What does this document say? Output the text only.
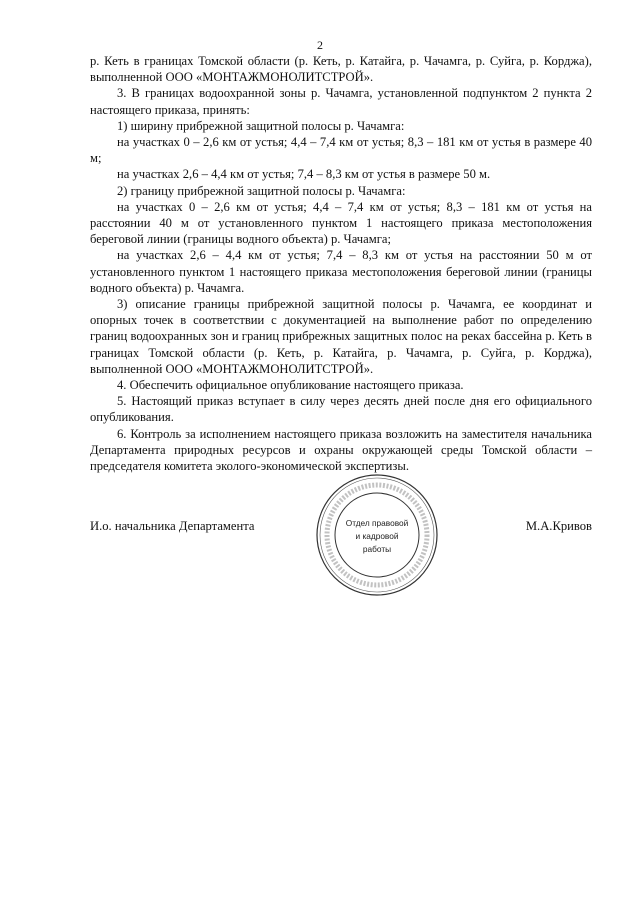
2

р. Кеть в границах Томской области (р. Кеть, р. Катайга, р. Чачамга, р. Суйга, р. Корджа), выполненной ООО «МОНТАЖМОНОЛИТСТРОЙ».

3. В границах водоохранной зоны р. Чачамга, установленной подпунктом 2 пункта 2 настоящего приказа, принять:

1) ширину прибрежной защитной полосы р. Чачамга:

на участках 0 – 2,6 км от устья; 4,4 – 7,4 км от устья; 8,3 – 181 км от устья в размере 40 м;

на участках 2,6 – 4,4 км от устья; 7,4 – 8,3 км от устья в размере 50 м.

2) границу прибрежной защитной полосы р. Чачамга:

на участках 0 – 2,6 км от устья; 4,4 – 7,4 км от устья; 8,3 – 181 км от устья на расстоянии 40 м от установленного пунктом 1 настоящего приказа местоположения береговой линии (границы водного объекта) р. Чачамга;

на участках 2,6 – 4,4 км от устья; 7,4 – 8,3 км от устья на расстоянии 50 м от установленного пунктом 1 настоящего приказа местоположения береговой линии (границы водного объекта) р. Чачамга.

3) описание границы прибрежной защитной полосы р. Чачамга, ее координат и опорных точек в соответствии с документацией на выполнение работ по определению границ водоохранных зон и границ прибрежных защитных полос на реках бассейна р. Кеть в границах Томской области (р. Кеть, р. Катайга, р. Чачамга, р. Суйга, р. Корджа), выполненной ООО «МОНТАЖМОНОЛИТСТРОЙ».

4. Обеспечить официальное опубликование настоящего приказа.

5. Настоящий приказ вступает в силу через десять дней после дня его официального опубликования.

6. Контроль за исполнением настоящего приказа возложить на заместителя начальника Департамента природных ресурсов и охраны окружающей среды Томской области – председателя комитета эколого-экономической экспертизы.

И.о. начальника Департамента	М.А.Кривов
Отдел правовой
и кадровой
работы
